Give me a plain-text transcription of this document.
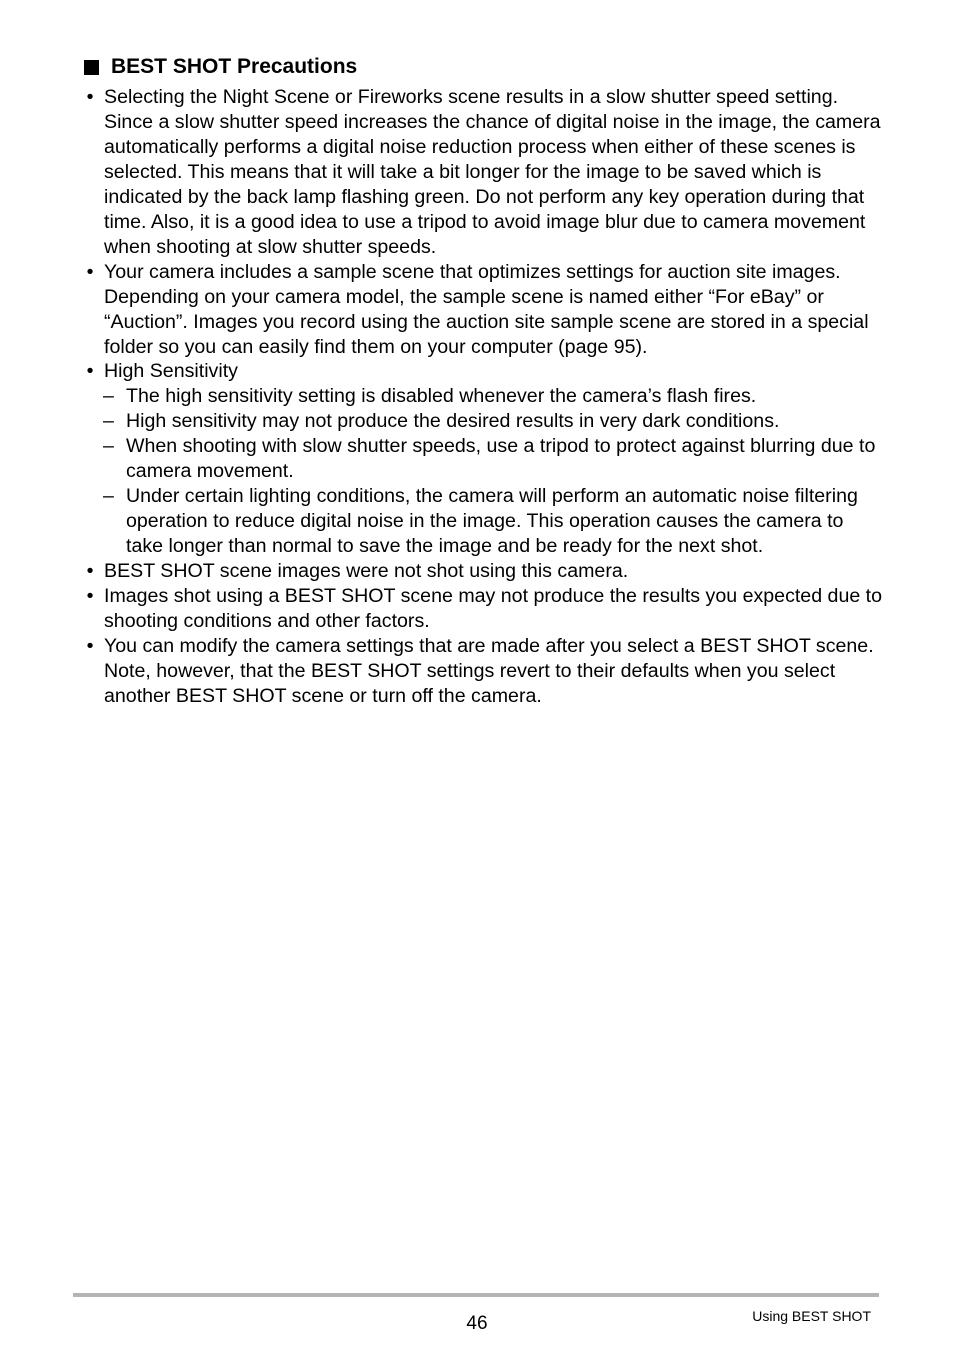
BEST SHOT Precautions
• Selecting the Night Scene or Fireworks scene results in a slow shutter speed setting. Since a slow shutter speed increases the chance of digital noise in the image, the camera automatically performs a digital noise reduction process when either of these scenes is selected. This means that it will take a bit longer for the image to be saved which is indicated by the back lamp flashing green. Do not perform any key operation during that time. Also, it is a good idea to use a tripod to avoid image blur due to camera movement when shooting at slow shutter speeds.
• Your camera includes a sample scene that optimizes settings for auction site images. Depending on your camera model, the sample scene is named either “For eBay” or “Auction”. Images you record using the auction site sample scene are stored in a special folder so you can easily find them on your computer (page 95).
• High Sensitivity
– The high sensitivity setting is disabled whenever the camera’s flash fires.
– High sensitivity may not produce the desired results in very dark conditions.
– When shooting with slow shutter speeds, use a tripod to protect against blurring due to camera movement.
– Under certain lighting conditions, the camera will perform an automatic noise filtering operation to reduce digital noise in the image. This operation causes the camera to take longer than normal to save the image and be ready for the next shot.
• BEST SHOT scene images were not shot using this camera.
• Images shot using a BEST SHOT scene may not produce the results you expected due to shooting conditions and other factors.
• You can modify the camera settings that are made after you select a BEST SHOT scene. Note, however, that the BEST SHOT settings revert to their defaults when you select another BEST SHOT scene or turn off the camera.
46	Using BEST SHOT
